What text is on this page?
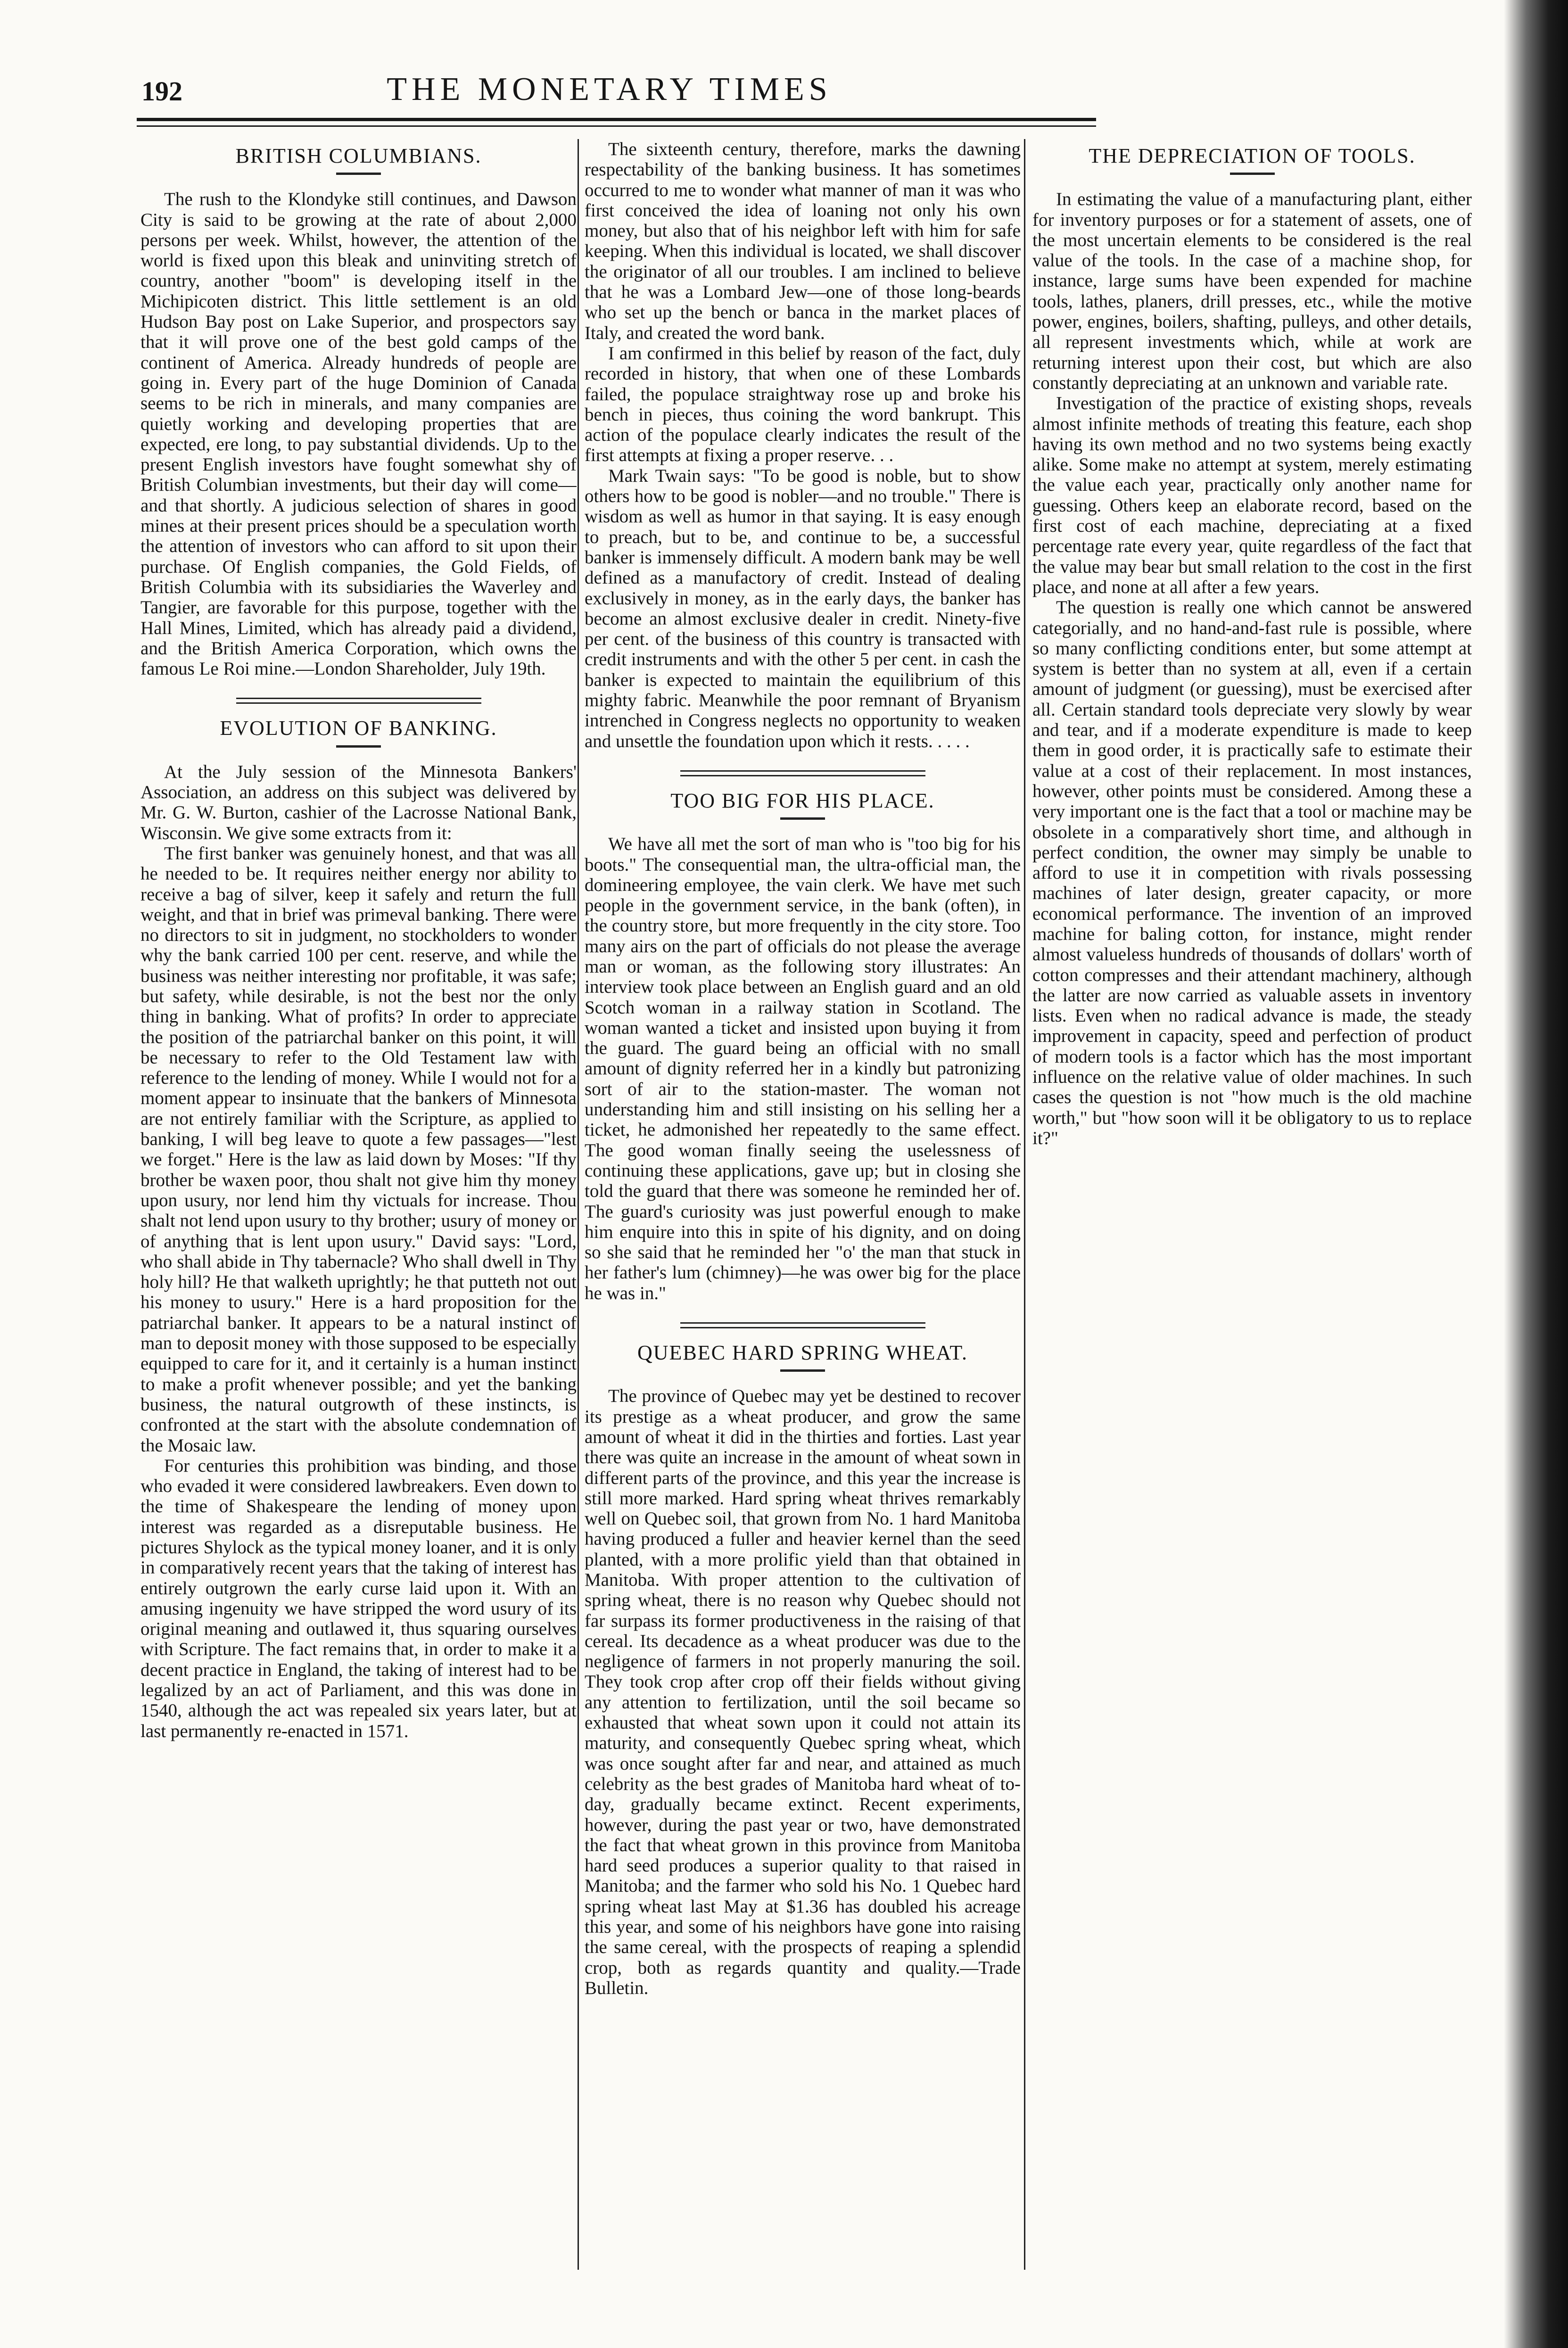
192	THE MONETARY TIMES
BRITISH COLUMBIANS.

The rush to the Klondyke still continues, and Dawson City is said to be growing at the rate of about 2,000 persons per week. Whilst, however, the attention of the world is fixed upon this bleak and uninviting stretch of country, another "boom" is developing itself in the Michipicoten district. This little settlement is an old Hudson Bay post on Lake Superior, and prospectors say that it will prove one of the best gold camps of the continent of America. Already hundreds of people are going in. Every part of the huge Dominion of Canada seems to be rich in minerals, and many companies are quietly working and developing properties that are expected, ere long, to pay substantial dividends. Up to the present English investors have fought somewhat shy of British Columbian investments, but their day will come—and that shortly. A judicious selection of shares in good mines at their present prices should be a speculation worth the attention of investors who can afford to sit upon their purchase. Of English companies, the Gold Fields, of British Columbia with its subsidiaries the Waverley and Tangier, are favorable for this purpose, together with the Hall Mines, Limited, which has already paid a dividend, and the British America Corporation, which owns the famous Le Roi mine.—London Shareholder, July 19th.

EVOLUTION OF BANKING.

At the July session of the Minnesota Bankers' Association, an address on this subject was delivered by Mr. G. W. Burton, cashier of the Lacrosse National Bank, Wisconsin. We give some extracts from it:

The first banker was genuinely honest, and that was all he needed to be. It requires neither energy nor ability to receive a bag of silver, keep it safely and return the full weight, and that in brief was primeval banking. There were no directors to sit in judgment, no stockholders to wonder why the bank carried 100 per cent. reserve, and while the business was neither interesting nor profitable, it was safe; but safety, while desirable, is not the best nor the only thing in banking. What of profits? In order to appreciate the position of the patriarchal banker on this point, it will be necessary to refer to the Old Testament law with reference to the lending of money. While I would not for a moment appear to insinuate that the bankers of Minnesota are not entirely familiar with the Scripture, as applied to banking, I will beg leave to quote a few passages—"lest we forget." Here is the law as laid down by Moses: "If thy brother be waxen poor, thou shalt not give him thy money upon usury, nor lend him thy victuals for increase. Thou shalt not lend upon usury to thy brother; usury of money or of anything that is lent upon usury." David says: "Lord, who shall abide in Thy tabernacle? Who shall dwell in Thy holy hill? He that walketh uprightly; he that putteth not out his money to usury." Here is a hard proposition for the patriarchal banker. It appears to be a natural instinct of man to deposit money with those supposed to be especially equipped to care for it, and it certainly is a human instinct to make a profit whenever possible; and yet the banking business, the natural outgrowth of these instincts, is confronted at the start with the absolute condemnation of the Mosaic law.

For centuries this prohibition was binding, and those who evaded it were considered lawbreakers. Even down to the time of Shakespeare the lending of money upon interest was regarded as a disreputable business. He pictures Shylock as the typical money loaner, and it is only in comparatively recent years that the taking of interest has entirely outgrown the early curse laid upon it. With an amusing ingenuity we have stripped the word usury of its original meaning and outlawed it, thus squaring ourselves with Scripture. The fact remains that, in order to make it a decent practice in England, the taking of interest had to be legalized by an act of Parliament, and this was done in 1540, although the act was repealed six years later, but at last permanently re-enacted in 1571.

The sixteenth century, therefore, marks the dawning respectability of the banking business. It has sometimes occurred to me to wonder what manner of man it was who first conceived the idea of loaning not only his own money, but also that of his neighbor left with him for safe keeping. When this individual is located, we shall discover the originator of all our troubles. I am inclined to believe that he was a Lombard Jew—one of those long-beards who set up the bench or banca in the market places of Italy, and created the word bank.

I am confirmed in this belief by reason of the fact, duly recorded in history, that when one of these Lombards failed, the populace straightway rose up and broke his bench in pieces, thus coining the word bankrupt. This action of the populace clearly indicates the result of the first attempts at fixing a proper reserve. . .

Mark Twain says: "To be good is noble, but to show others how to be good is nobler—and no trouble." There is wisdom as well as humor in that saying. It is easy enough to preach, but to be, and continue to be, a successful banker is immensely difficult. A modern bank may be well defined as a manufactory of credit. Instead of dealing exclusively in money, as in the early days, the banker has become an almost exclusive dealer in credit. Ninety-five per cent. of the business of this country is transacted with credit instruments and with the other 5 per cent. in cash the banker is expected to maintain the equilibrium of this mighty fabric. Meanwhile the poor remnant of Bryanism intrenched in Congress neglects no opportunity to weaken and unsettle the foundation upon which it rests. . . . .

TOO BIG FOR HIS PLACE.

We have all met the sort of man who is "too big for his boots." The consequential man, the ultra-official man, the domineering employee, the vain clerk. We have met such people in the government service, in the bank (often), in the country store, but more frequently in the city store. Too many airs on the part of officials do not please the average man or woman, as the following story illustrates: An interview took place between an English guard and an old Scotch woman in a railway station in Scotland. The woman wanted a ticket and insisted upon buying it from the guard. The guard being an official with no small amount of dignity referred her in a kindly but patronizing sort of air to the station-master. The woman not understanding him and still insisting on his selling her a ticket, he admonished her repeatedly to the same effect. The good woman finally seeing the uselessness of continuing these applications, gave up; but in closing she told the guard that there was someone he reminded her of. The guard's curiosity was just powerful enough to make him enquire into this in spite of his dignity, and on doing so she said that he reminded her "o' the man that stuck in her father's lum (chimney)—he was ower big for the place he was in."

QUEBEC HARD SPRING WHEAT.

The province of Quebec may yet be destined to recover its prestige as a wheat producer, and grow the same amount of wheat it did in the thirties and forties. Last year there was quite an increase in the amount of wheat sown in different parts of the province, and this year the increase is still more marked. Hard spring wheat thrives remarkably well on Quebec soil, that grown from No. 1 hard Manitoba having produced a fuller and heavier kernel than the seed planted, with a more prolific yield than that obtained in Manitoba. With proper attention to the cultivation of spring wheat, there is no reason why Quebec should not far surpass its former productiveness in the raising of that cereal. Its decadence as a wheat producer was due to the negligence of farmers in not properly manuring the soil. They took crop after crop off their fields without giving any attention to fertilization, until the soil became so exhausted that wheat sown upon it could not attain its maturity, and consequently Quebec spring wheat, which was once sought after far and near, and attained as much celebrity as the best grades of Manitoba hard wheat of to-day, gradually became extinct. Recent experiments, however, during the past year or two, have demonstrated the fact that wheat grown in this province from Manitoba hard seed produces a superior quality to that raised in Manitoba; and the farmer who sold his No. 1 Quebec hard spring wheat last May at $1.36 has doubled his acreage this year, and some of his neighbors have gone into raising the same cereal, with the prospects of reaping a splendid crop, both as regards quantity and quality.—Trade Bulletin.

THE DEPRECIATION OF TOOLS.

In estimating the value of a manufacturing plant, either for inventory purposes or for a statement of assets, one of the most uncertain elements to be considered is the real value of the tools. In the case of a machine shop, for instance, large sums have been expended for machine tools, lathes, planers, drill presses, etc., while the motive power, engines, boilers, shafting, pulleys, and other details, all represent investments which, while at work are returning interest upon their cost, but which are also constantly depreciating at an unknown and variable rate.

Investigation of the practice of existing shops, reveals almost infinite methods of treating this feature, each shop having its own method and no two systems being exactly alike. Some make no attempt at system, merely estimating the value each year, practically only another name for guessing. Others keep an elaborate record, based on the first cost of each machine, depreciating at a fixed percentage rate every year, quite regardless of the fact that the value may bear but small relation to the cost in the first place, and none at all after a few years.

The question is really one which cannot be answered categorially, and no hand-and-fast rule is possible, where so many conflicting conditions enter, but some attempt at system is better than no system at all, even if a certain amount of judgment (or guessing), must be exercised after all. Certain standard tools depreciate very slowly by wear and tear, and if a moderate expenditure is made to keep them in good order, it is practically safe to estimate their value at a cost of their replacement. In most instances, however, other points must be considered. Among these a very important one is the fact that a tool or machine may be obsolete in a comparatively short time, and although in perfect condition, the owner may simply be unable to afford to use it in competition with rivals possessing machines of later design, greater capacity, or more economical performance. The invention of an improved machine for baling cotton, for instance, might render almost valueless hundreds of thousands of dollars' worth of cotton compresses and their attendant machinery, although the latter are now carried as valuable assets in inventory lists. Even when no radical advance is made, the steady improvement in capacity, speed and perfection of product of modern tools is a factor which has the most important influence on the relative value of older machines. In such cases the question is not "how much is the old machine worth," but "how soon will it be obligatory to us to replace it?"
